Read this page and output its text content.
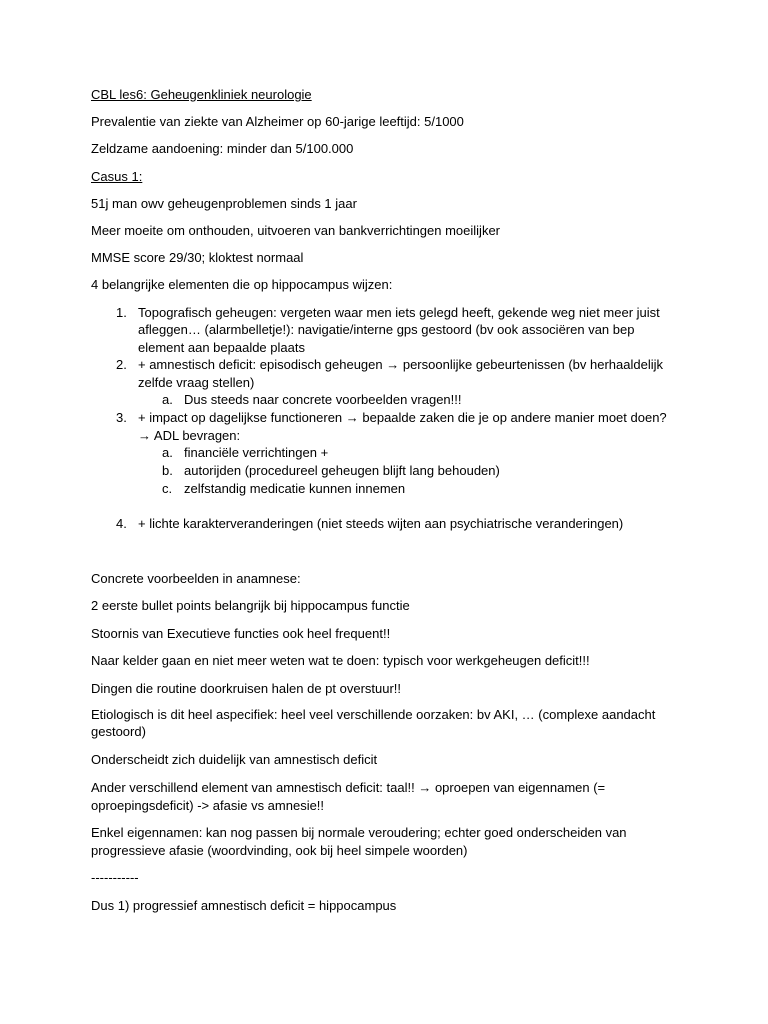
CBL les6: Geheugenkliniek neurologie
Prevalentie van ziekte van Alzheimer op 60-jarige leeftijd: 5/1000
Zeldzame aandoening: minder dan 5/100.000
Casus 1:
51j man owv geheugenproblemen sinds 1 jaar
Meer moeite om onthouden, uitvoeren van bankverrichtingen moeilijker
MMSE score 29/30; kloktest normaal
4 belangrijke elementen die op hippocampus wijzen:
1. Topografisch geheugen: vergeten waar men iets gelegd heeft, gekende weg niet meer juist
afleggen… (alarmbelletje!): navigatie/interne gps gestoord (bv ook associëren van bep
element aan bepaalde plaats
2. + amnestisch deficit: episodisch geheugen → persoonlijke gebeurtenissen (bv herhaaldelijk
zelfde vraag stellen)
a. Dus steeds naar concrete voorbeelden vragen!!!
3. + impact op dagelijkse functioneren → bepaalde zaken die je op andere manier moet doen?
→ ADL bevragen:
a. financiële verrichtingen +
b. autorijden (procedureel geheugen blijft lang behouden)
c. zelfstandig medicatie kunnen innemen
4. + lichte karakterveranderingen (niet steeds wijten aan psychiatrische veranderingen)
Concrete voorbeelden in anamnese:
2 eerste bullet points belangrijk bij hippocampus functie
Stoornis van Executieve functies ook heel frequent!!
Naar kelder gaan en niet meer weten wat te doen: typisch voor werkgeheugen deficit!!!
Dingen die routine doorkruisen halen de pt overstuur!!
Etiologisch is dit heel aspecifiek: heel veel verschillende oorzaken: bv AKI, … (complexe aandacht
gestoord)
Onderscheidt zich duidelijk van amnestisch deficit
Ander verschillend element van amnestisch deficit: taal!! → oproepen van eigennamen (=
oproepingsdeficit) -> afasie vs amnesie!!
Enkel eigennamen: kan nog passen bij normale veroudering; echter goed onderscheiden van
progressieve afasie (woordvinding, ook bij heel simpele woorden)
-----------
Dus 1) progressief amnestisch deficit = hippocampus
